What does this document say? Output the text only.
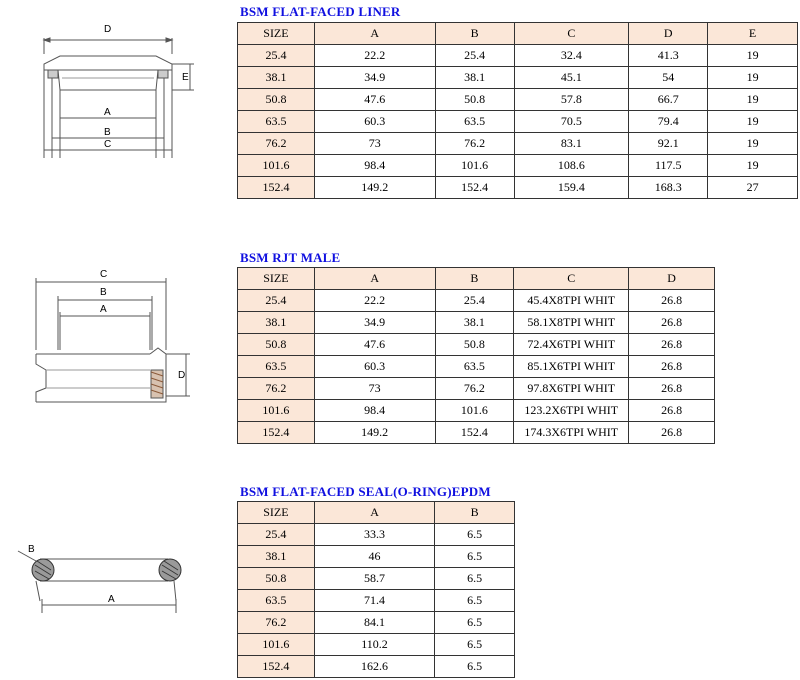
D
E
A
B
C
BSM FLAT-FACED LINER
SIZE	A	B	C	D	E
25.4	22.2	25.4	32.4	41.3	19
38.1	34.9	38.1	45.1	54	19
50.8	47.6	50.8	57.8	66.7	19
63.5	60.3	63.5	70.5	79.4	19
76.2	73	76.2	83.1	92.1	19
101.6	98.4	101.6	108.6	117.5	19
152.4	149.2	152.4	159.4	168.3	27
C
B
A
D
BSM RJT MALE
SIZE	A	B	C	D
25.4	22.2	25.4	45.4X8TPI WHIT	26.8
38.1	34.9	38.1	58.1X8TPI WHIT	26.8
50.8	47.6	50.8	72.4X6TPI WHIT	26.8
63.5	60.3	63.5	85.1X6TPI WHIT	26.8
76.2	73	76.2	97.8X6TPI WHIT	26.8
101.6	98.4	101.6	123.2X6TPI WHIT	26.8
152.4	149.2	152.4	174.3X6TPI WHIT	26.8
B
A
BSM FLAT-FACED SEAL(O-RING)EPDM
SIZE	A	B
25.4	33.3	6.5
38.1	46	6.5
50.8	58.7	6.5
63.5	71.4	6.5
76.2	84.1	6.5
101.6	110.2	6.5
152.4	162.6	6.5
